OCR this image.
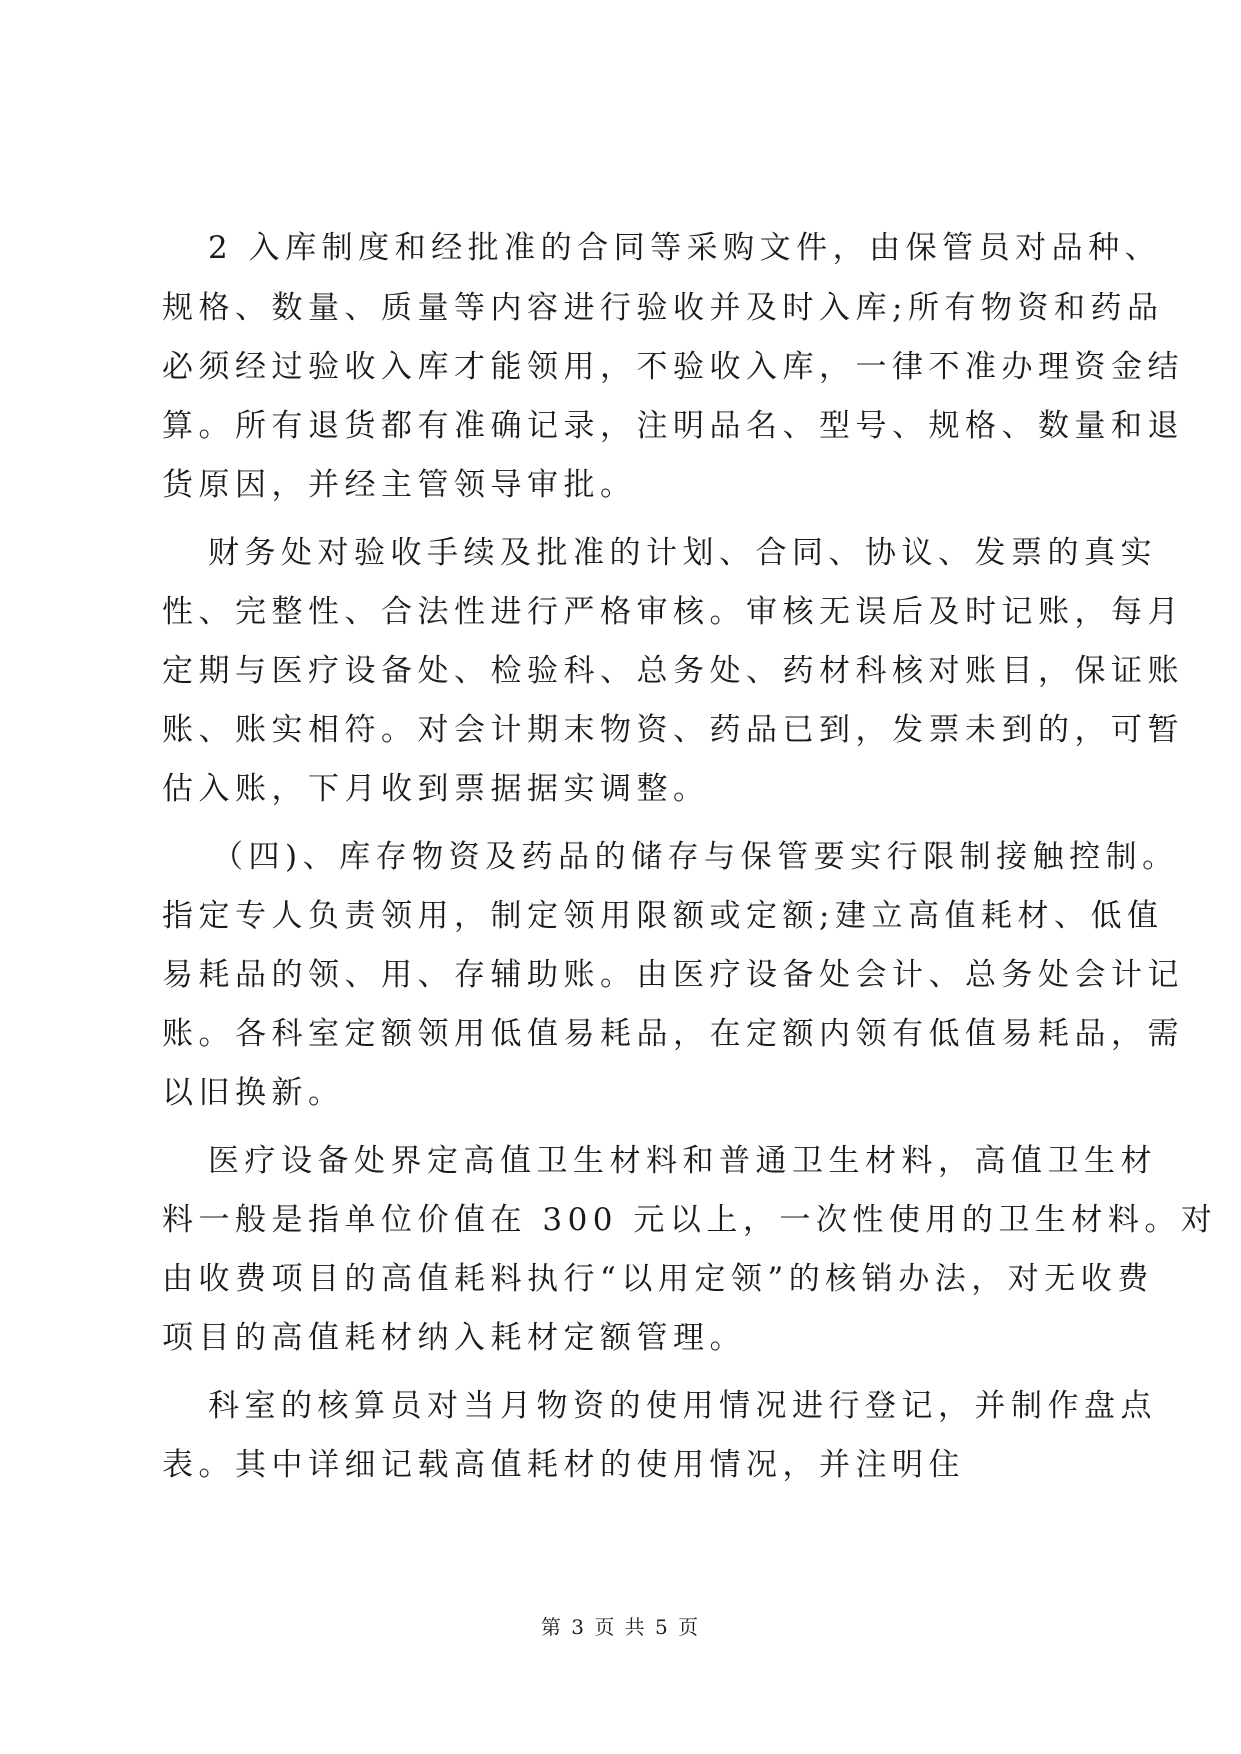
2 入库制度和经批准的合同等采购文件，由保管员对品种、
规格、数量、质量等内容进行验收并及时入库;所有物资和药品
必须经过验收入库才能领用，不验收入库，一律不准办理资金结
算。所有退货都有准确记录，注明品名、型号、规格、数量和退
货原因，并经主管领导审批。
财务处对验收手续及批准的计划、合同、协议、发票的真实
性、完整性、合法性进行严格审核。审核无误后及时记账，每月
定期与医疗设备处、检验科、总务处、药材科核对账目，保证账
账、账实相符。对会计期末物资、药品已到，发票未到的，可暂
估入账，下月收到票据据实调整。
（四)、库存物资及药品的储存与保管要实行限制接触控制。
指定专人负责领用，制定领用限额或定额;建立高值耗材、低值
易耗品的领、用、存辅助账。由医疗设备处会计、总务处会计记
账。各科室定额领用低值易耗品，在定额内领有低值易耗品，需
以旧换新。
医疗设备处界定高值卫生材料和普通卫生材料，高值卫生材
料一般是指单位价值在 300 元以上，一次性使用的卫生材料。对
由收费项目的高值耗料执行“以用定领”的核销办法，对无收费
项目的高值耗材纳入耗材定额管理。
科室的核算员对当月物资的使用情况进行登记，并制作盘点
表。其中详细记载高值耗材的使用情况，并注明住
第 3 页 共 5 页
